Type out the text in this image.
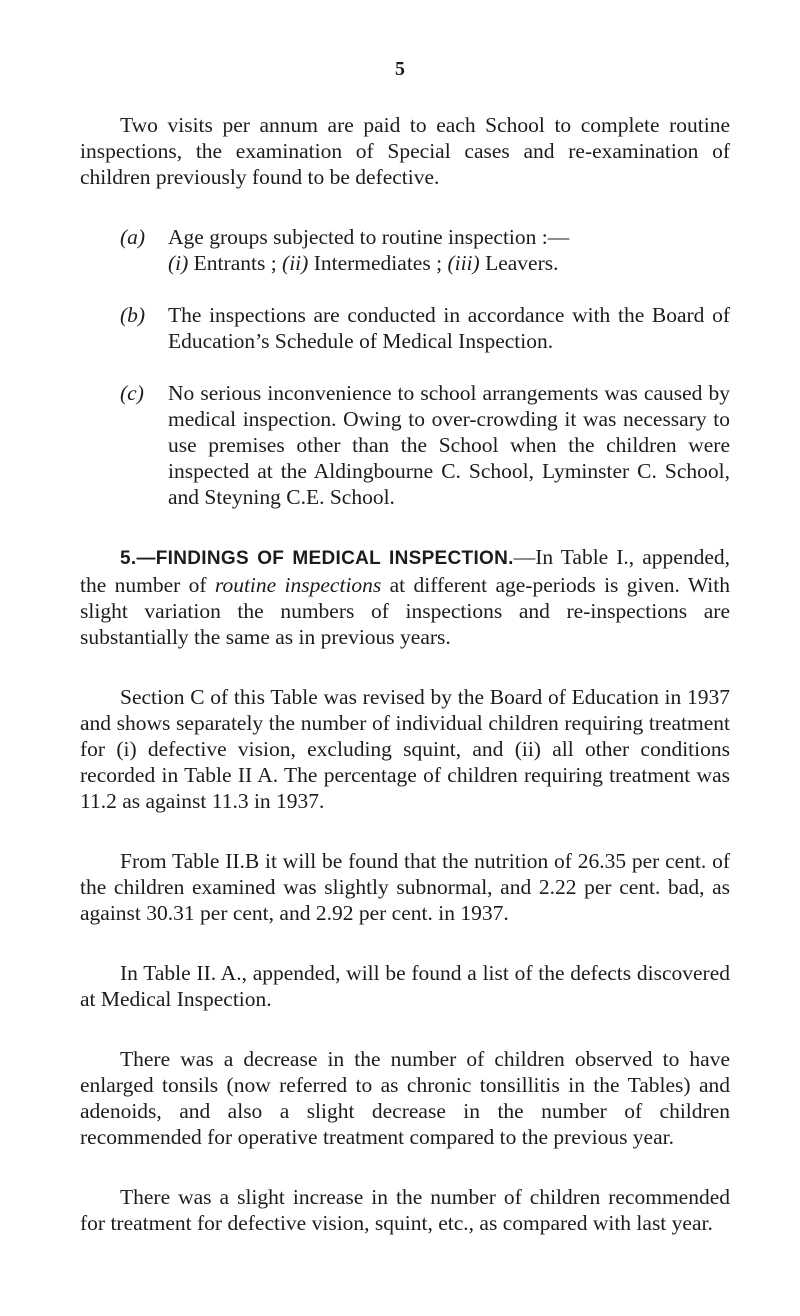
5

Two visits per annum are paid to each School to complete routine inspections, the examination of Special cases and re-examination of children previously found to be defective.

(a)	Age groups subjected to routine inspection :—
(i) Entrants ; (ii) Intermediates ; (iii) Leavers.
(b)	The inspections are conducted in accordance with the Board of Education’s Schedule of Medical Inspection.
(c)	No serious inconvenience to school arrangements was caused by medical inspection. Owing to over-crowding it was necessary to use premises other than the School when the children were inspected at the Aldingbourne C. School, Lyminster C. School, and Steyning C.E. School.

5.—FINDINGS OF MEDICAL INSPECTION.—In Table I., appended, the number of routine inspections at different age-periods is given. With slight variation the numbers of inspections and re-inspections are substantially the same as in previous years.

Section C of this Table was revised by the Board of Education in 1937 and shows separately the number of individual children requiring treatment for (i) defective vision, excluding squint, and (ii) all other conditions recorded in Table II A. The percentage of children requiring treatment was 11.2 as against 11.3 in 1937.

From Table II.B it will be found that the nutrition of 26.35 per cent. of the children examined was slightly subnormal, and 2.22 per cent. bad, as against 30.31 per cent, and 2.92 per cent. in 1937.

In Table II. A., appended, will be found a list of the defects discovered at Medical Inspection.

There was a decrease in the number of children observed to have enlarged tonsils (now referred to as chronic tonsillitis in the Tables) and adenoids, and also a slight decrease in the number of children recommended for operative treatment compared to the previous year.

There was a slight increase in the number of children recommended for treatment for defective vision, squint, etc., as compared with last year.
